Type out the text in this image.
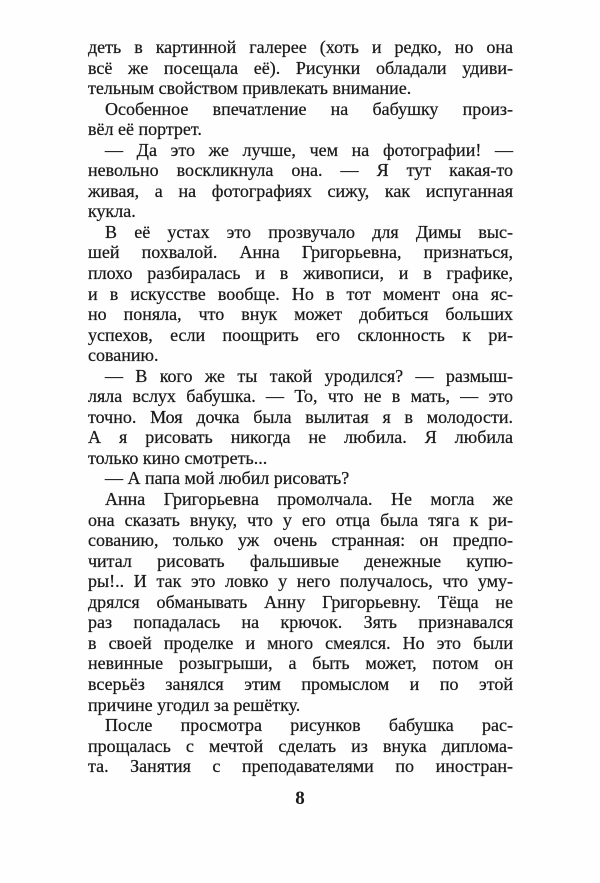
деть в картинной галерее (хоть и редко, но она
всё же посещала её). Рисунки обладали удиви-
тельным свойством привлекать внимание.
Особенное впечатление на бабушку произ-
вёл её портрет.
— Да это же лучше, чем на фотографии! —
невольно воскликнула она. — Я тут какая-то
живая, а на фотографиях сижу, как испуганная
кукла.
В её устах это прозвучало для Димы выс-
шей похвалой. Анна Григорьевна, признаться,
плохо разбиралась и в живописи, и в графике,
и в искусстве вообще. Но в тот момент она яс-
но поняла, что внук может добиться больших
успехов, если поощрить его склонность к ри-
сованию.
— В кого же ты такой уродился? — размыш-
ляла вслух бабушка. — То, что не в мать, — это
точно. Моя дочка была вылитая я в молодости.
А я рисовать никогда не любила. Я любила
только кино смотреть...
— А папа мой любил рисовать?
Анна Григорьевна промолчала. Не могла же
она сказать внуку, что у его отца была тяга к ри-
сованию, только уж очень странная: он предпо-
читал рисовать фальшивые денежные купю-
ры!.. И так это ловко у него получалось, что уму-
дрялся обманывать Анну Григорьевну. Тёща не
раз попадалась на крючок. Зять признавался
в своей проделке и много смеялся. Но это были
невинные розыгрыши, а быть может, потом он
всерьёз занялся этим промыслом и по этой
причине угодил за решётку.
После просмотра рисунков бабушка рас-
прощалась с мечтой сделать из внука диплома-
та. Занятия с преподавателями по иностран-
8
